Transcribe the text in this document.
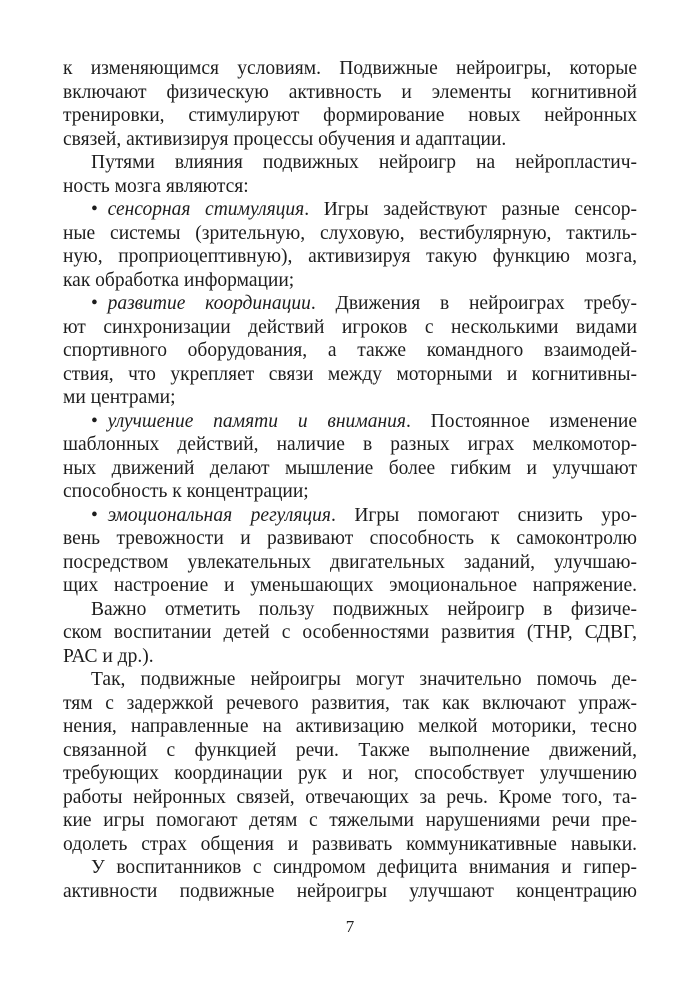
к изменяющимся условиям. Подвижные нейроигры, которые
включают физическую активность и элементы когнитивной
тренировки, стимулируют формирование новых нейронных
связей, активизируя процессы обучения и адаптации.
Путями влияния подвижных нейроигр на нейропластич-
ность мозга являются:
• сенсорная стимуляция. Игры задействуют разные сенсор-
ные системы (зрительную, слуховую, вестибулярную, тактиль-
ную, проприоцептивную), активизируя такую функцию мозга,
как обработка информации;
• развитие координации. Движения в нейроиграх требу-
ют синхронизации действий игроков с несколькими видами
спортивного оборудования, а также командного взаимодей-
ствия, что укрепляет связи между моторными и когнитивны-
ми центрами;
• улучшение памяти и внимания. Постоянное изменение
шаблонных действий, наличие в разных играх мелкомотор-
ных движений делают мышление более гибким и улучшают
способность к концентрации;
• эмоциональная регуляция. Игры помогают снизить уро-
вень тревожности и развивают способность к самоконтролю
посредством увлекательных двигательных заданий, улучшаю-
щих настроение и уменьшающих эмоциональное напряжение.
Важно отметить пользу подвижных нейроигр в физиче-
ском воспитании детей с особенностями развития (ТНР, СДВГ,
РАС и др.).
Так, подвижные нейроигры могут значительно помочь де-
тям с задержкой речевого развития, так как включают упраж-
нения, направленные на активизацию мелкой моторики, тесно
связанной с функцией речи. Также выполнение движений,
требующих координации рук и ног, способствует улучшению
работы нейронных связей, отвечающих за речь. Кроме того, та-
кие игры помогают детям с тяжелыми нарушениями речи пре-
одолеть страх общения и развивать коммуникативные навыки.
У воспитанников с синдромом дефицита внимания и гипер-
активности подвижные нейроигры улучшают концентрацию
7
